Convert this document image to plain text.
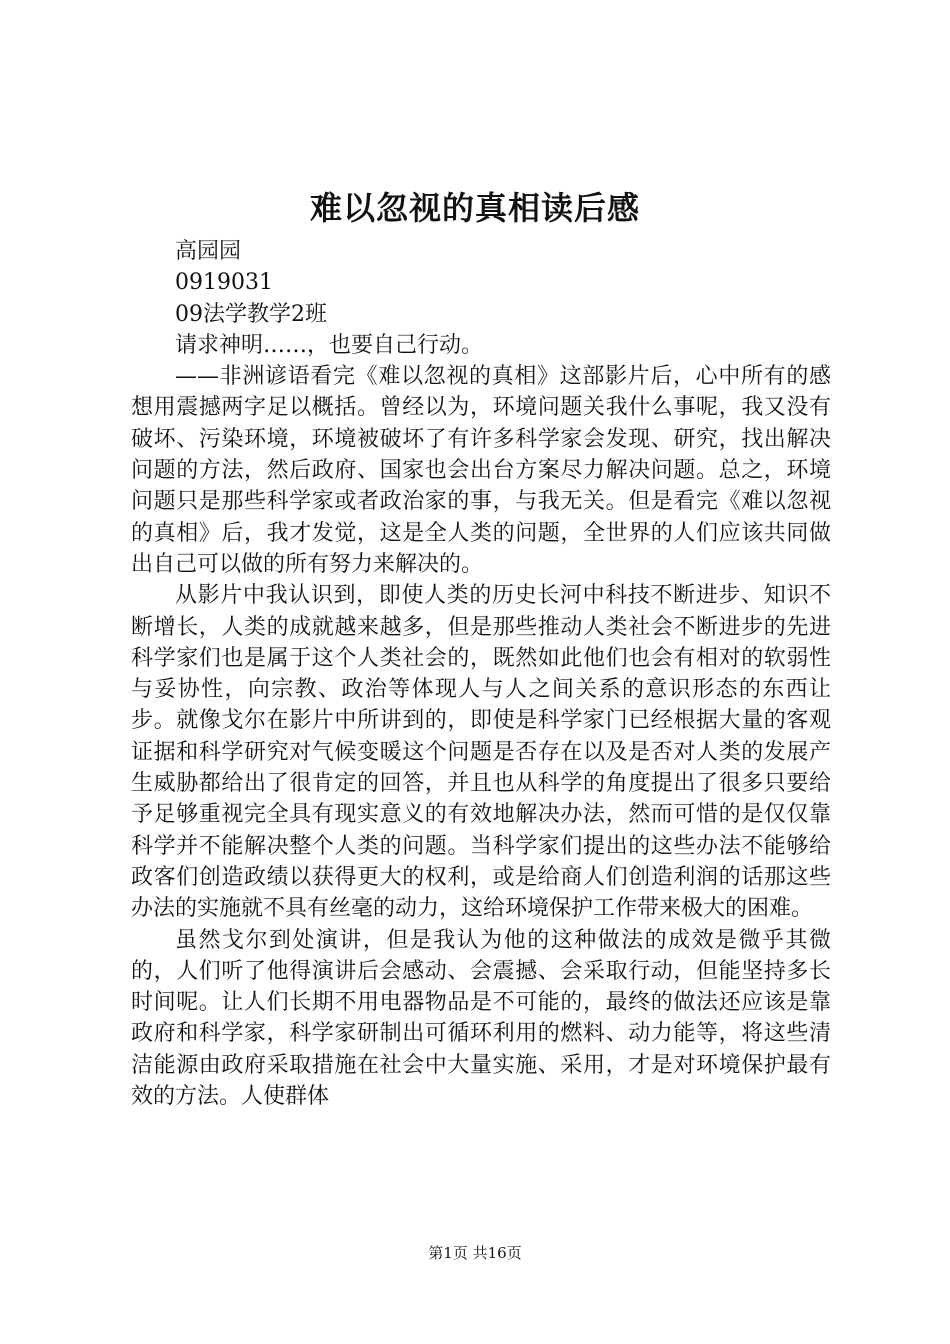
难以忽视的真相读后感

高园园

0919031

09法学教学2班

请求神明……，也要自己行动。

——非洲谚语看完《难以忽视的真相》这部影片后，心中所有的感想用震撼两字足以概括。曾经以为，环境问题关我什么事呢，我又没有破坏、污染环境，环境被破坏了有许多科学家会发现、研究，找出解决问题的方法，然后政府、国家也会出台方案尽力解决问题。总之，环境问题只是那些科学家或者政治家的事，与我无关。但是看完《难以忽视的真相》后，我才发觉，这是全人类的问题，全世界的人们应该共同做出自己可以做的所有努力来解决的。

从影片中我认识到，即使人类的历史长河中科技不断进步、知识不断增长，人类的成就越来越多，但是那些推动人类社会不断进步的先进科学家们也是属于这个人类社会的，既然如此他们也会有相对的软弱性与妥协性，向宗教、政治等体现人与人之间关系的意识形态的东西让步。就像戈尔在影片中所讲到的，即使是科学家门已经根据大量的客观证据和科学研究对气候变暖这个问题是否存在以及是否对人类的发展产生威胁都给出了很肯定的回答，并且也从科学的角度提出了很多只要给予足够重视完全具有现实意义的有效地解决办法，然而可惜的是仅仅靠科学并不能解决整个人类的问题。当科学家们提出的这些办法不能够给政客们创造政绩以获得更大的权利，或是给商人们创造利润的话那这些办法的实施就不具有丝毫的动力，这给环境保护工作带来极大的困难。

虽然戈尔到处演讲，但是我认为他的这种做法的成效是微乎其微的，人们听了他得演讲后会感动、会震撼、会采取行动，但能坚持多长时间呢。让人们长期不用电器物品是不可能的，最终的做法还应该是靠政府和科学家，科学家研制出可循环利用的燃料、动力能等，将这些清洁能源由政府采取措施在社会中大量实施、采用，才是对环境保护最有效的方法。人使群体

第1页 共16页
